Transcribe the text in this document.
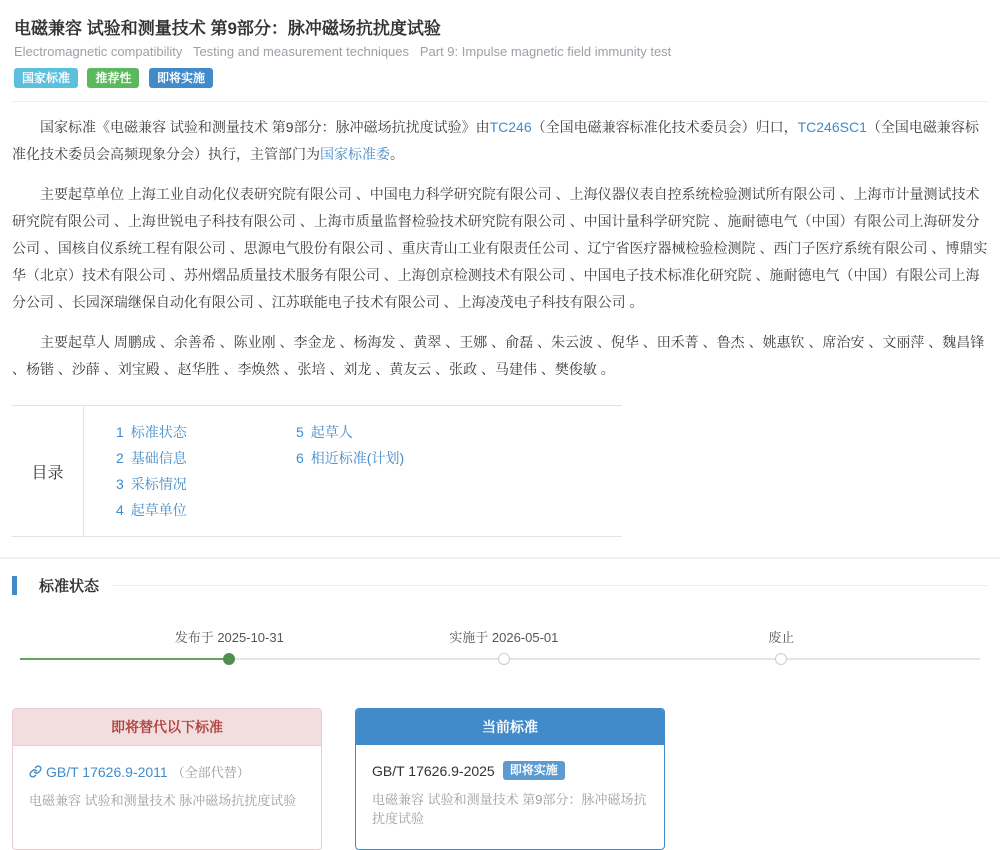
电磁兼容 试验和测量技术 第9部分：脉冲磁场抗扰度试验
Electromagnetic compatibility   Testing and measurement techniques   Part 9: Impulse magnetic field immunity test
国家标准 推荐性 即将实施

国家标准《电磁兼容 试验和测量技术 第9部分：脉冲磁场抗扰度试验》由TC246（全国电磁兼容标准化技术委员会）归口，TC246SC1（全国电磁兼容标准化技术委员会高频现象分会）执行，主管部门为国家标准委。

主要起草单位 上海工业自动化仪表研究院有限公司 、中国电力科学研究院有限公司 、上海仪器仪表自控系统检验测试所有限公司 、上海市计量测试技术研究院有限公司 、上海世锐电子科技有限公司 、上海市质量监督检验技术研究院有限公司 、中国计量科学研究院 、施耐德电气（中国）有限公司上海研发分公司 、国核自仪系统工程有限公司 、思源电气股份有限公司 、重庆青山工业有限责任公司 、辽宁省医疗器械检验检测院 、西门子医疗系统有限公司 、博鼎实华（北京）技术有限公司 、苏州熠品质量技术服务有限公司 、上海创京检测技术有限公司 、中国电子技术标准化研究院 、施耐德电气（中国）有限公司上海分公司 、长园深瑞继保自动化有限公司 、江苏联能电子技术有限公司 、上海凌茂电子科技有限公司 。

主要起草人 周鹏成 、余善希 、陈业刚 、李金龙 、杨海发 、黄翠 、王娜 、俞磊 、朱云波 、倪华 、田禾菁 、鲁杰 、姚惠钦 、席治安 、文丽萍 、魏昌锋 、杨锴 、沙薛 、刘宝殿 、赵华胜 、李焕然 、张培 、刘龙 、黄友云 、张政 、马建伟 、樊俊敏 。

目录
1 标准状态
2 基础信息
3 采标情况
4 起草单位
5 起草人
6 相近标准(计划)
标准状态
发布于 2025-10-31	实施于 2026-05-01	废止
即将替代以下标准
GB/T 17626.9-2011 （全部代替）
电磁兼容 试验和测量技术 脉冲磁场抗扰度试验
当前标准
GB/T 17626.9-2025	即将实施
电磁兼容 试验和测量技术 第9部分：脉冲磁场抗扰度试验
